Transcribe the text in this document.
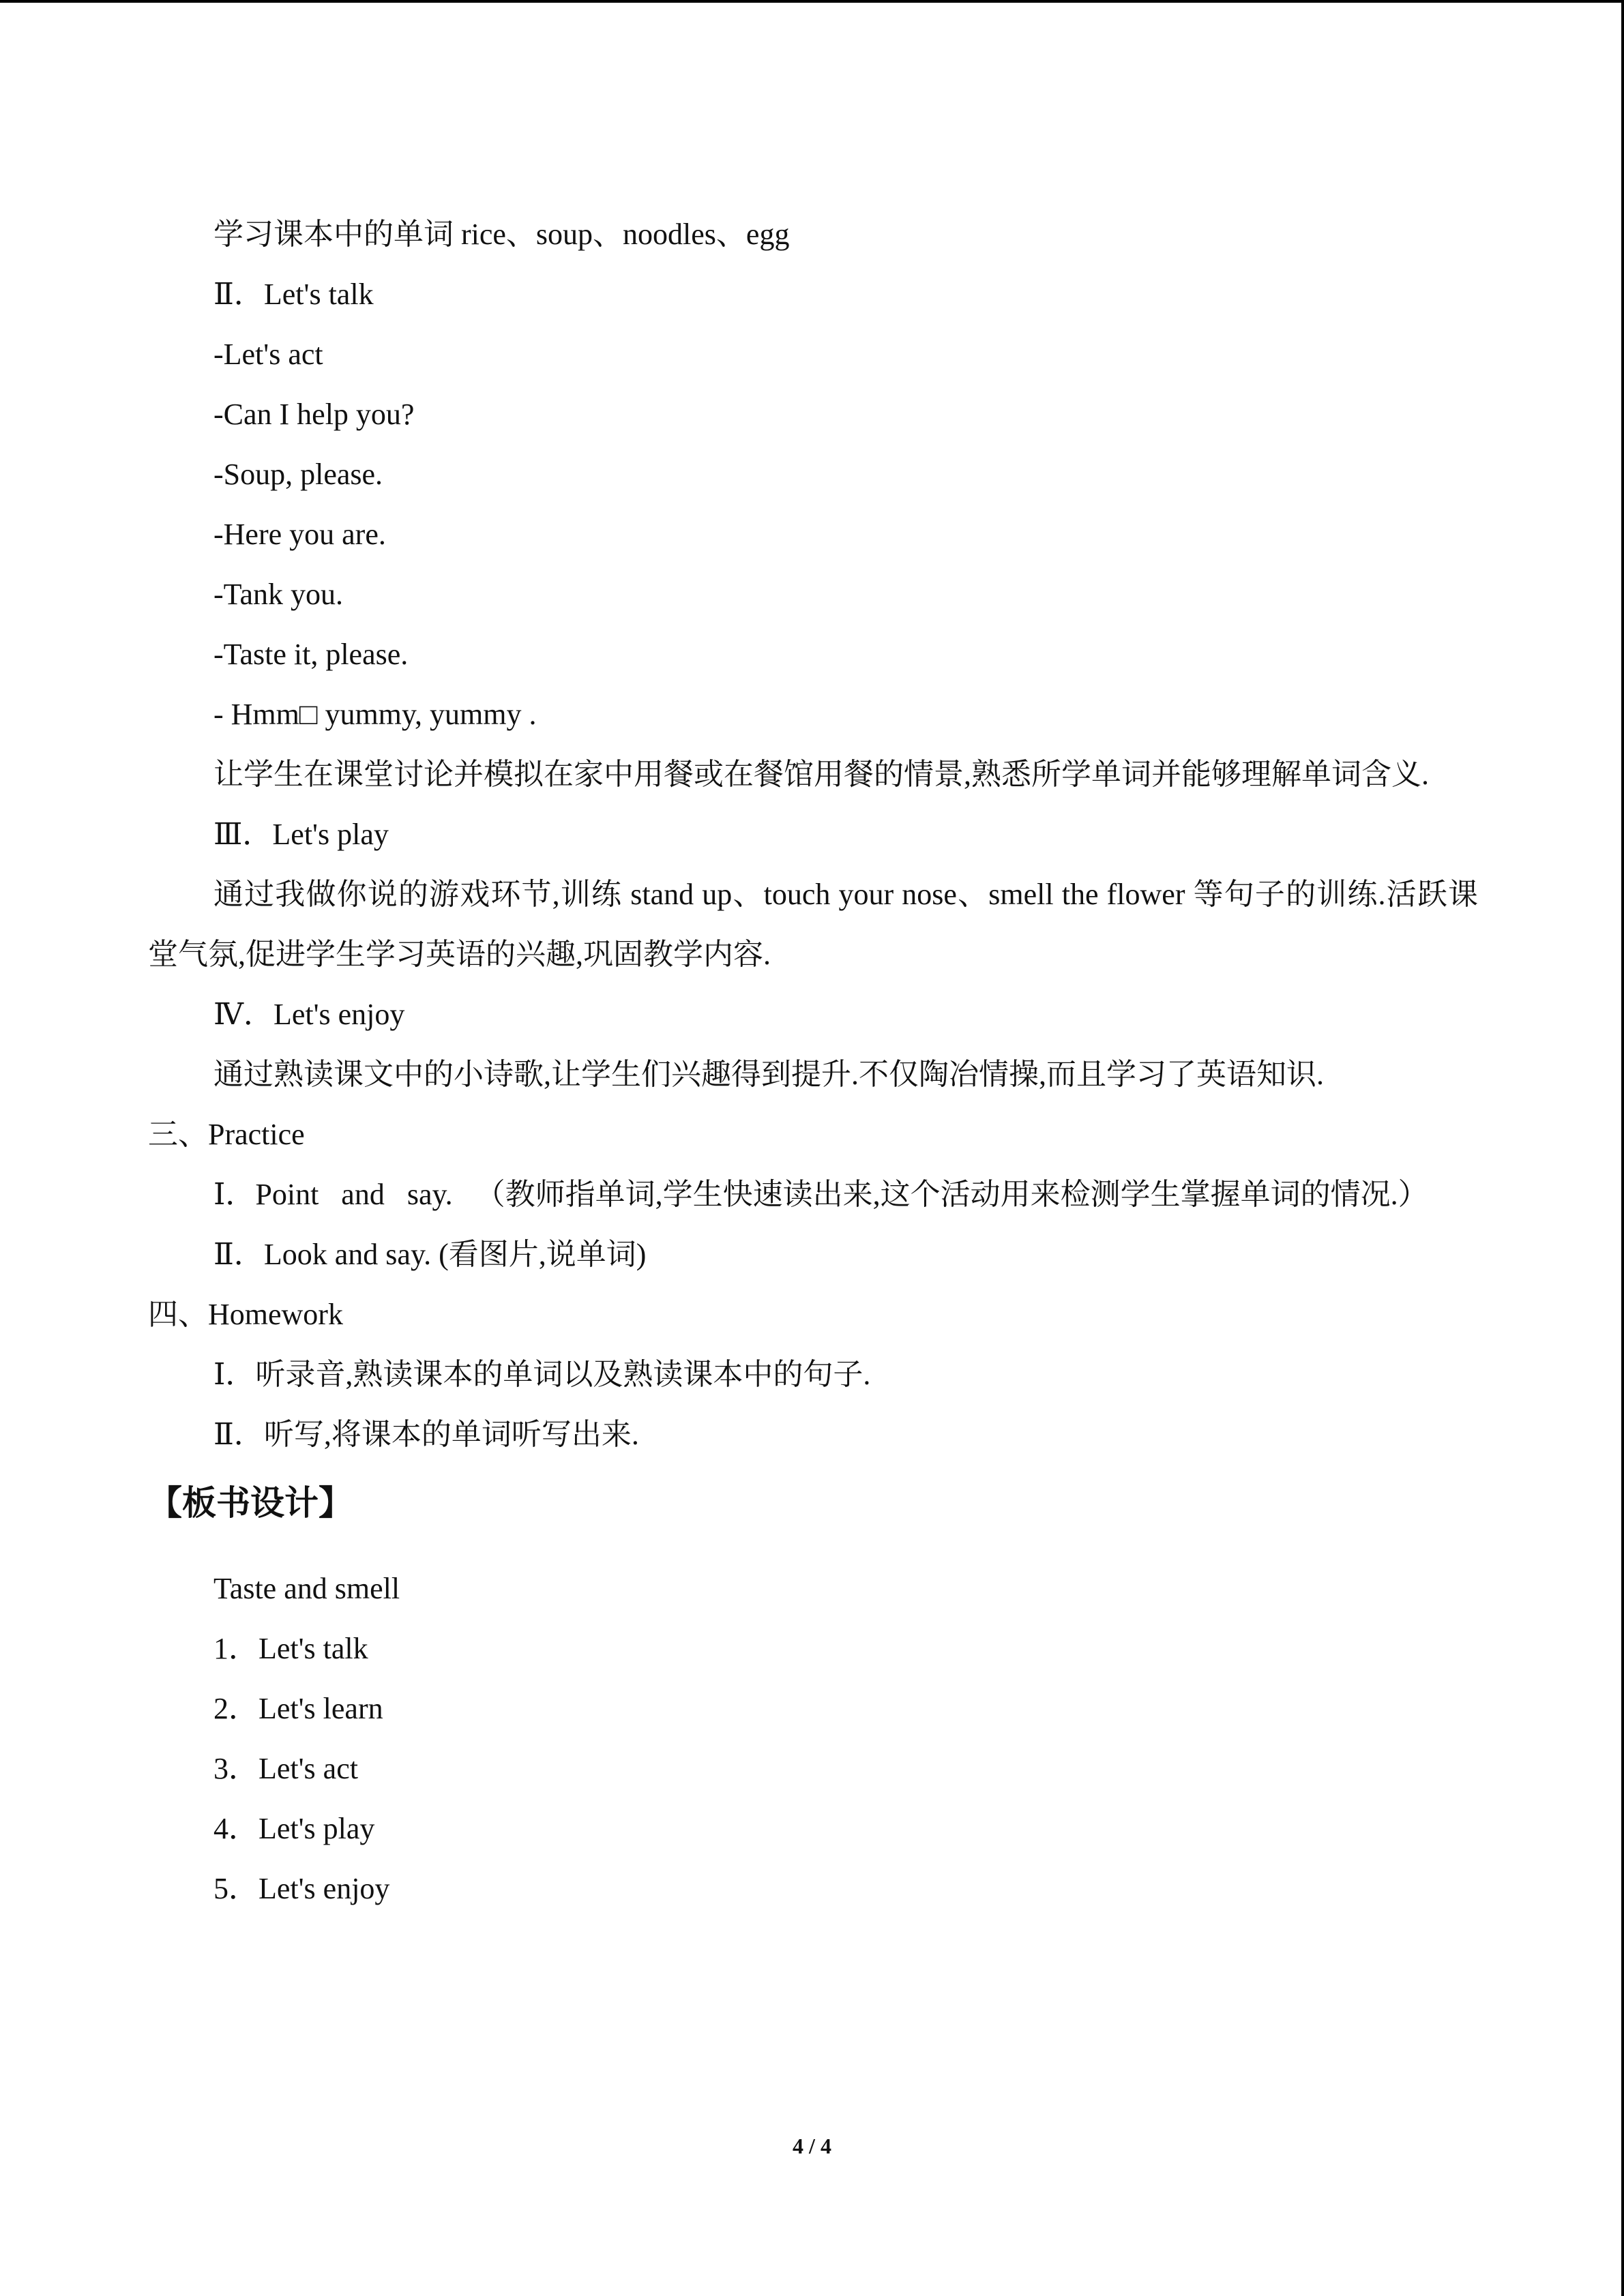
学习课本中的单词 rice、soup、noodles、egg
Ⅱ．Let's talk
-Let's act
-Can I help you?
-Soup, please.
-Here you are.
-Tank you.
-Taste it, please.
- Hmm□ yummy, yummy .
让学生在课堂讨论并模拟在家中用餐或在餐馆用餐的情景,熟悉所学单词并能够理解单词含义.
Ⅲ．Let's play
通过我做你说的游戏环节,训练 stand up、touch your nose、smell the flower 等句子的训练.活跃课堂气氛,促进学生学习英语的兴趣,巩固教学内容.
Ⅳ．Let's enjoy
通过熟读课文中的小诗歌,让学生们兴趣得到提升.不仅陶冶情操,而且学习了英语知识.
三、Practice
Ⅰ．Point and say. （教师指单词,学生快速读出来,这个活动用来检测学生掌握单词的情况.）
Ⅱ．Look and say. (看图片,说单词)
四、Homework
Ⅰ．听录音,熟读课本的单词以及熟读课本中的句子.
Ⅱ．听写,将课本的单词听写出来.
【板书设计】
Taste and smell
1．Let's talk
2．Let's learn
3．Let's act
4．Let's play
5．Let's enjoy
4 / 4
